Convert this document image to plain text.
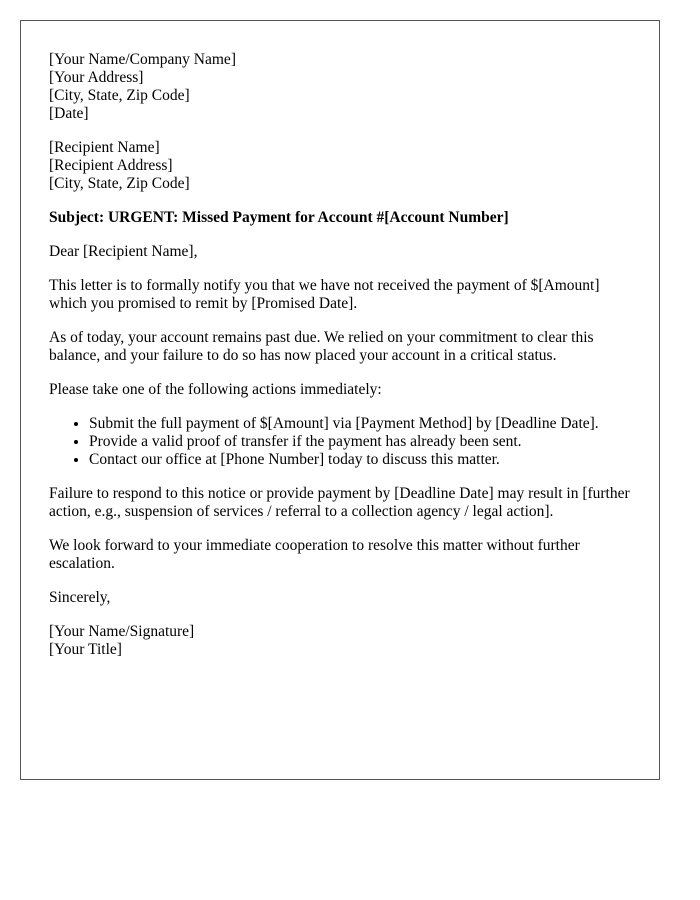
[Your Name/Company Name]
[Your Address]
[City, State, Zip Code]
[Date]
[Recipient Name]
[Recipient Address]
[City, State, Zip Code]

Subject: URGENT: Missed Payment for Account #[Account Number]

Dear [Recipient Name],

This letter is to formally notify you that we have not received the payment of $[Amount] which you promised to remit by [Promised Date].

As of today, your account remains past due. We relied on your commitment to clear this balance, and your failure to do so has now placed your account in a critical status.

Please take one of the following actions immediately:

• Submit the full payment of $[Amount] via [Payment Method] by [Deadline Date].
• Provide a valid proof of transfer if the payment has already been sent.
• Contact our office at [Phone Number] today to discuss this matter.

Failure to respond to this notice or provide payment by [Deadline Date] may result in [further action, e.g., suspension of services / referral to a collection agency / legal action].

We look forward to your immediate cooperation to resolve this matter without further escalation.

Sincerely,

[Your Name/Signature]
[Your Title]
